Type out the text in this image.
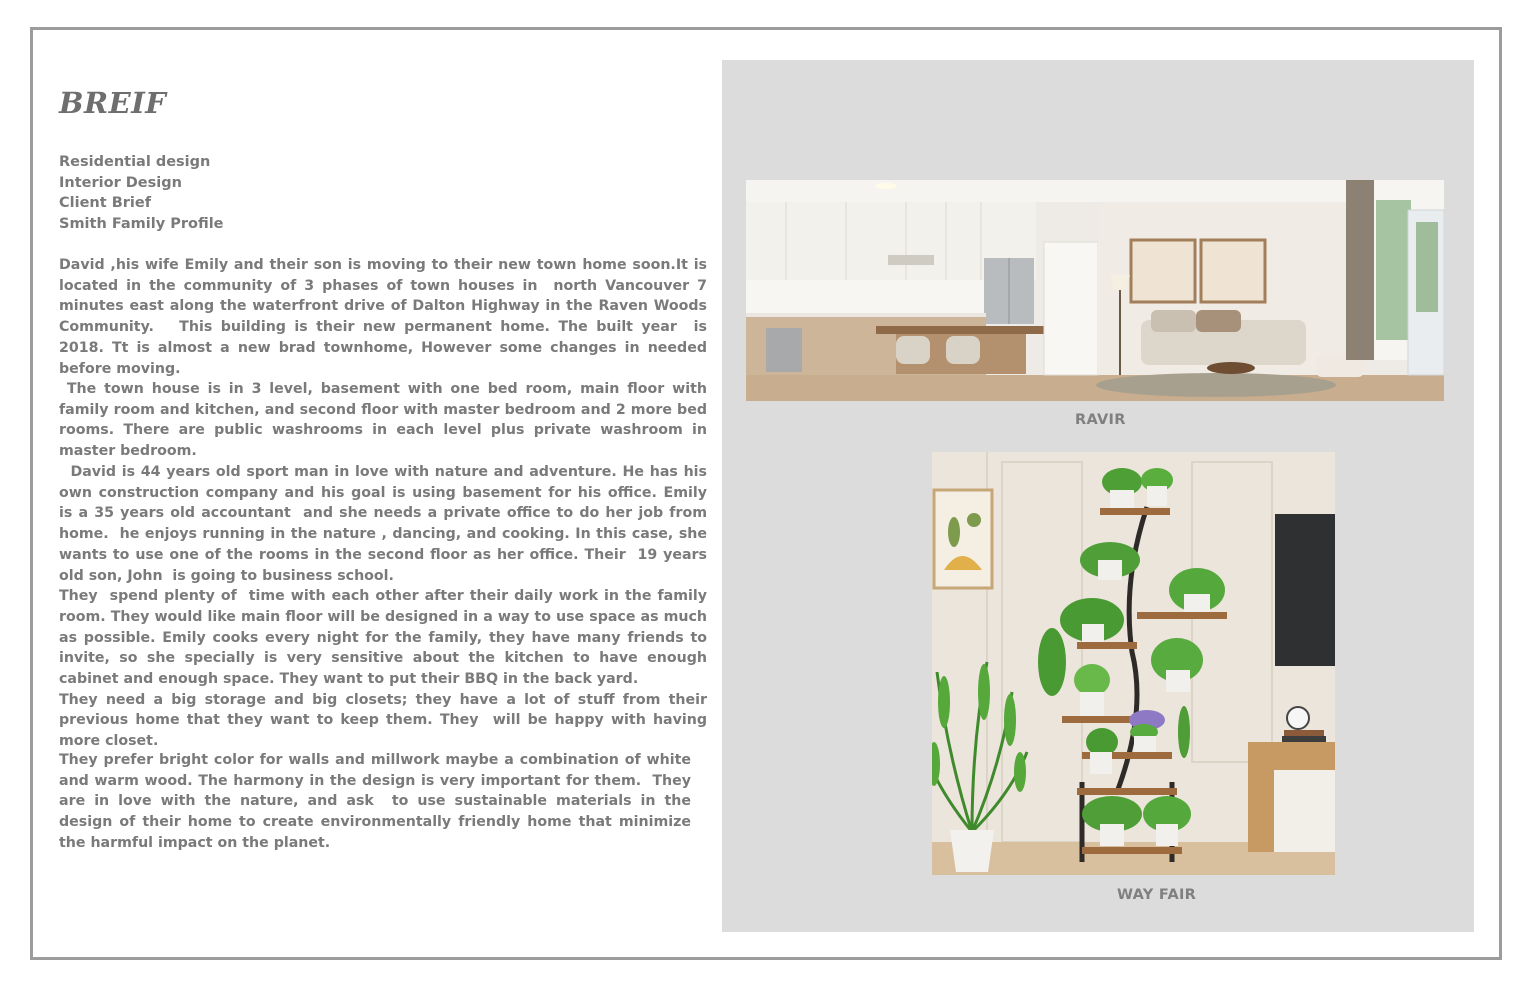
BREIF
Residential design
Interior Design
Client Brief
Smith Family Profile
David ,his wife Emily and their son is moving to their new town home soon.It is located in the community of 3 phases of town houses in  north Vancouver 7 minutes east along the waterfront drive of Dalton Highway in the Raven Woods Community.   This building is their new permanent home. The built year  is 2018. Tt is almost a new brad townhome, However some changes in needed before moving.
The town house is in 3 level, basement with one bed room, main floor with family room and kitchen, and second floor with master bedroom and 2 more bed rooms. There are public washrooms in each level plus private washroom in master bedroom.
David is 44 years old sport man in love with nature and adventure. He has his own construction company and his goal is using basement for his office. Emily  is a 35 years old accountant  and she needs a private office to do her job from home.  he enjoys running in the nature , dancing, and cooking. In this case, she wants to use one of the rooms in the second floor as her office. Their  19 years old son, John  is going to business school.
They  spend plenty of  time with each other after their daily work in the family room. They would like main floor will be designed in a way to use space as much as possible. Emily cooks every night for the family, they have many friends to invite, so she specially is very sensitive about the kitchen to have enough cabinet and enough space. They want to put their BBQ in the back yard.
They need a big storage and big closets; they have a lot of stuff from their previous home that they want to keep them. They  will be happy with having more closet.
They prefer bright color for walls and millwork maybe a combination of white and warm wood. The harmony in the design is very important for them.  They are in love with the nature, and ask  to use sustainable materials in the  design of their home to create environmentally friendly home that minimize the harmful impact on the planet.
RAVIR
WAY FAIR
